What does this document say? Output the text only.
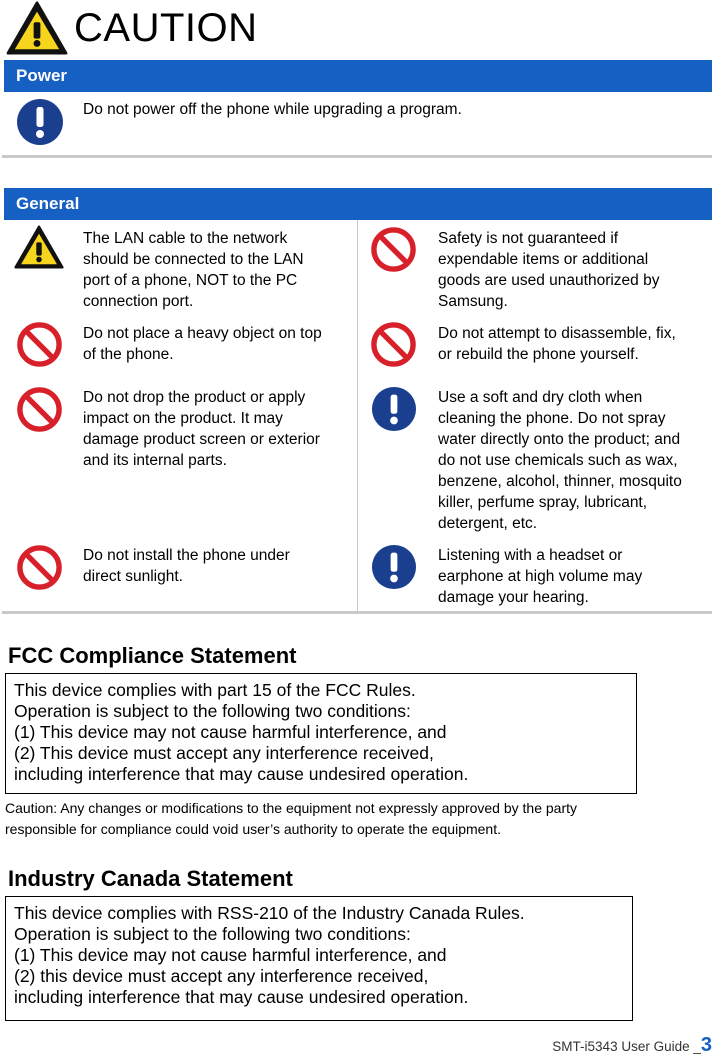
CAUTION
Power
Do not power off the phone while upgrading a program.
General
The LAN cable to the network
should be connected to the LAN
port of a phone, NOT to the PC
connection port.
Safety is not guaranteed if
expendable items or additional
goods are used unauthorized by
Samsung.
Do not place a heavy object on top
of the phone.
Do not attempt to disassemble, fix,
or rebuild the phone yourself.
Do not drop the product or apply
impact on the product. It may
damage product screen or exterior
and its internal parts.
Use a soft and dry cloth when
cleaning the phone. Do not spray
water directly onto the product; and
do not use chemicals such as wax,
benzene, alcohol, thinner, mosquito
killer, perfume spray, lubricant,
detergent, etc.
Do not install the phone under
direct sunlight.
Listening with a headset or
earphone at high volume may
damage your hearing.
FCC Compliance Statement
This device complies with part 15 of the FCC Rules.
Operation is subject to the following two conditions:
(1) This device may not cause harmful interference, and
(2) This device must accept any interference received,
including interference that may cause undesired operation.
Caution: Any changes or modifications to the equipment not expressly approved by the party
responsible for compliance could void user’s authority to operate the equipment.
Industry Canada Statement
This device complies with RSS-210 of the Industry Canada Rules.
Operation is subject to the following two conditions:
(1) This device may not cause harmful interference, and
(2) this device must accept any interference received,
including interference that may cause undesired operation.
SMT-i5343 User Guide _ 3
